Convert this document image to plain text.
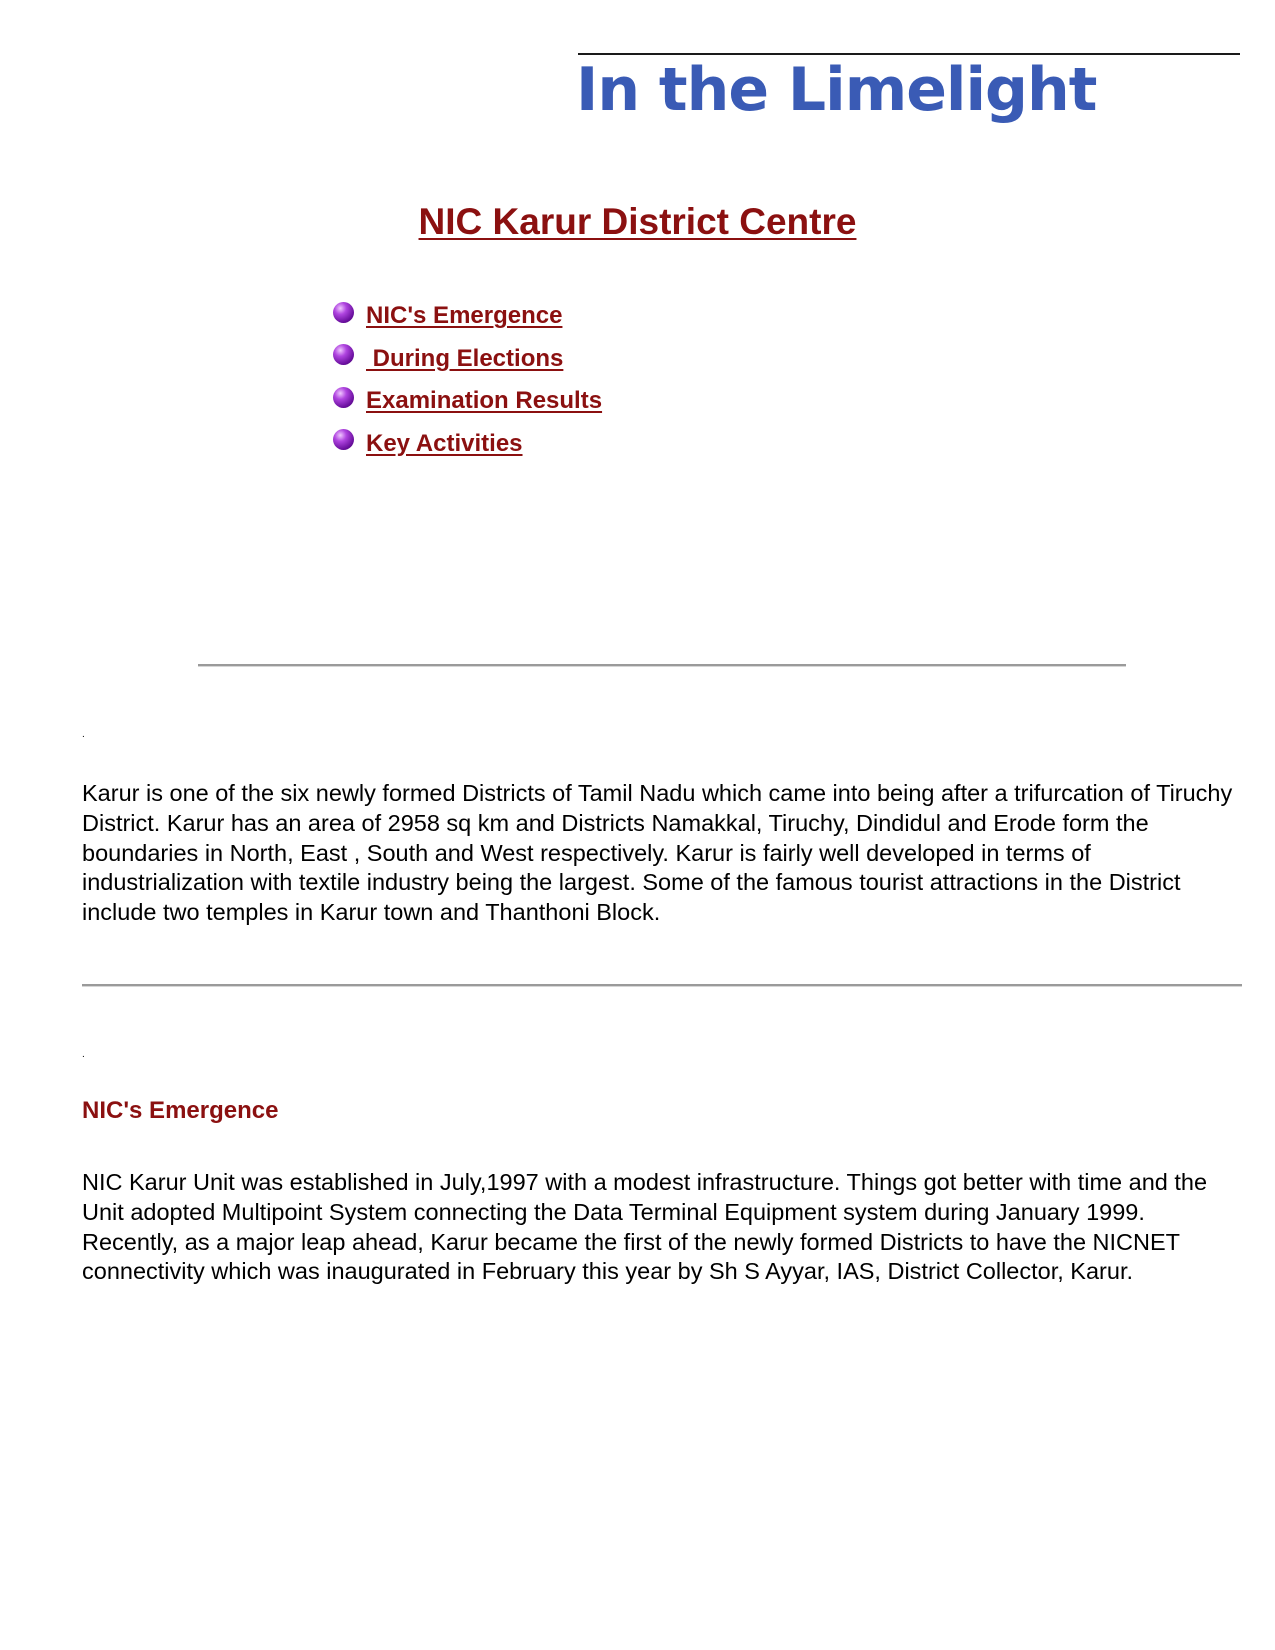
In the Limelight
NIC Karur District Centre
NIC's Emergence
During Elections
Examination Results
Key Activities
.

Karur is one of the six newly formed Districts of Tamil Nadu which came into being after a trifurcation of Tiruchy District. Karur has an area of 2958 sq km and Districts Namakkal, Tiruchy, Dindidul and Erode form the boundaries in North, East , South and West respectively. Karur is fairly well developed in terms of industrialization with textile industry being the largest. Some of the famous tourist attractions in the District include two temples in Karur town and Thanthoni Block.

.
NIC's Emergence

NIC Karur Unit was established in July,1997 with a modest infrastructure. Things got better with time and the Unit adopted Multipoint System connecting the Data Terminal Equipment system during January 1999. Recently, as a major leap ahead, Karur became the first of the newly formed Districts to have the NICNET connectivity which was inaugurated in February this year by Sh S Ayyar, IAS, District Collector, Karur.
